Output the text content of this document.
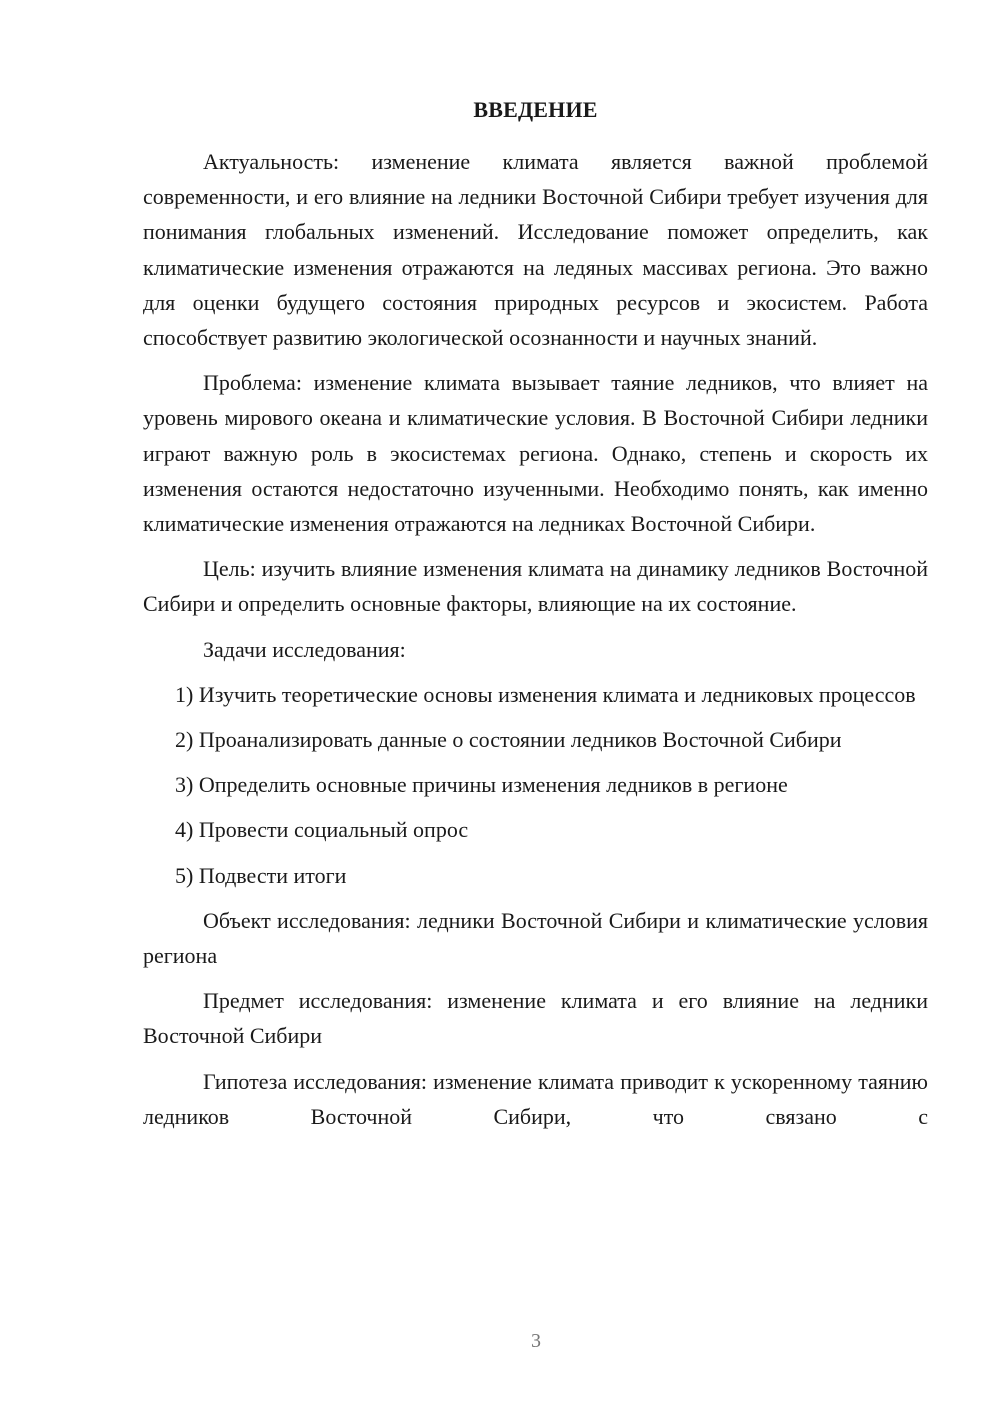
ВВЕДЕНИЕ

Актуальность: изменение климата является важной проблемой современности, и его влияние на ледники Восточной Сибири требует изучения для понимания глобальных изменений. Исследование поможет определить, как климатические изменения отражаются на ледяных массивах региона. Это важно для оценки будущего состояния природных ресурсов и экосистем. Работа способствует развитию экологической осознанности и научных знаний.

Проблема: изменение климата вызывает таяние ледников, что влияет на уровень мирового океана и климатические условия. В Восточной Сибири ледники играют важную роль в экосистемах региона. Однако, степень и скорость их изменения остаются недостаточно изученными. Необходимо понять, как именно климатические изменения отражаются на ледниках Восточной Сибири.

Цель: изучить влияние изменения климата на динамику ледников Восточной Сибири и определить основные факторы, влияющие на их состояние.

Задачи исследования:

1) Изучить теоретические основы изменения климата и ледниковых процессов

2) Проанализировать данные о состоянии ледников Восточной Сибири

3) Определить основные причины изменения ледников в регионе

4) Провести социальный опрос

5) Подвести итоги

Объект исследования: ледники Восточной Сибири и климатические условия региона

Предмет исследования: изменение климата и его влияние на ледники Восточной Сибири

Гипотеза исследования: изменение климата приводит к ускоренному таянию ледников Восточной Сибири, что связано с

3
